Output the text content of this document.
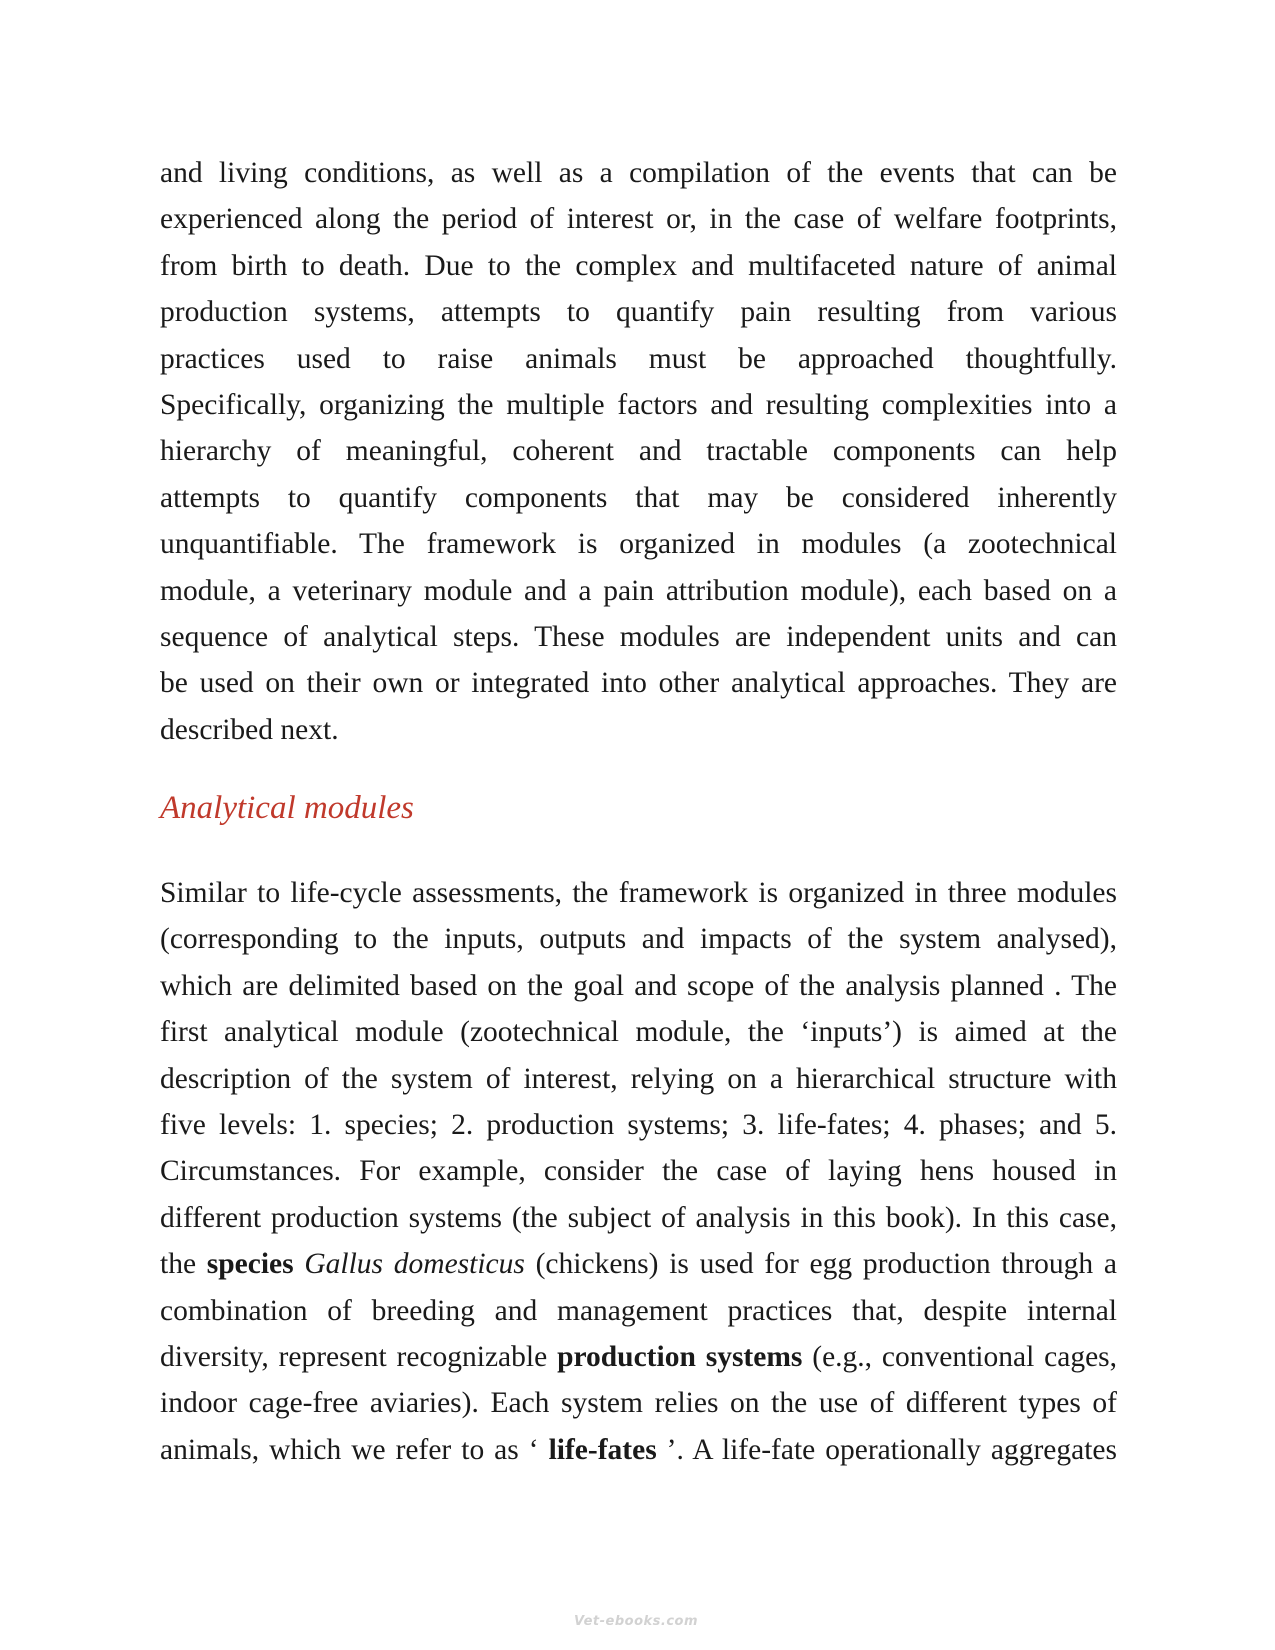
and living conditions, as well as a compilation of the events that can be
experienced along the period of interest or, in the case of welfare footprints,
from birth to death. Due to the complex and multifaceted nature of animal
production systems, attempts to quantify pain resulting from various
practices used to raise animals must be approached thoughtfully.
Specifically, organizing the multiple factors and resulting complexities into a
hierarchy of meaningful, coherent and tractable components can help
attempts to quantify components that may be considered inherently
unquantifiable. The framework is organized in modules (a zootechnical
module, a veterinary module and a pain attribution module), each based on a
sequence of analytical steps. These modules are independent units and can
be used on their own or integrated into other analytical approaches. They are
described next.
Analytical modules
Similar to life-cycle assessments, the framework is organized in three modules
(corresponding to the inputs, outputs and impacts of the system analysed),
which are delimited based on the goal and scope of the analysis planned . The
first analytical module (zootechnical module, the ‘inputs’) is aimed at the
description of the system of interest, relying on a hierarchical structure with
five levels: 1. species; 2. production systems; 3. life-fates; 4. phases; and 5.
Circumstances. For example, consider the case of laying hens housed in
different production systems (the subject of analysis in this book). In this case,
the species Gallus domesticus (chickens) is used for egg production through a
combination of breeding and management practices that, despite internal
diversity, represent recognizable production systems (e.g., conventional cages,
indoor cage-free aviaries). Each system relies on the use of different types of
animals, which we refer to as ‘ life-fates ’. A life-fate operationally aggregates
Vet-ebooks.com
